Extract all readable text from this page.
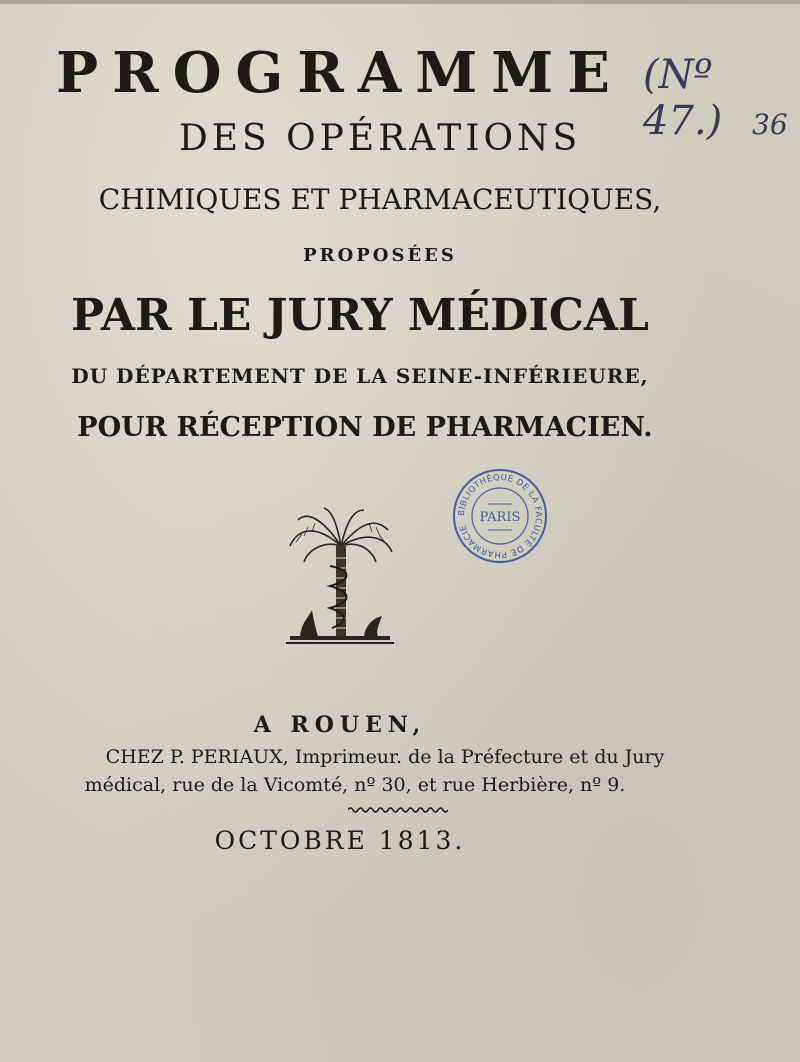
PROGRAMME (Nº 47.)	36
DES OPÉRATIONS
CHIMIQUES ET PHARMACEUTIQUES,
PROPOSÉES
PAR LE JURY MÉDICAL
DU DÉPARTEMENT DE LA SEINE-INFÉRIEURE,
POUR RÉCEPTION DE PHARMACIEN.
BIBLIOTHÈQUE DE LA FACULTÉ DE PHARMACIE
PARIS
A ROUEN,
CHEZ P. PERIAUX, Imprimeur. de la Préfecture et du Jury
médical, rue de la Vicomté, nº 30, et rue Herbière, nº 9.
OCTOBRE 1813.
